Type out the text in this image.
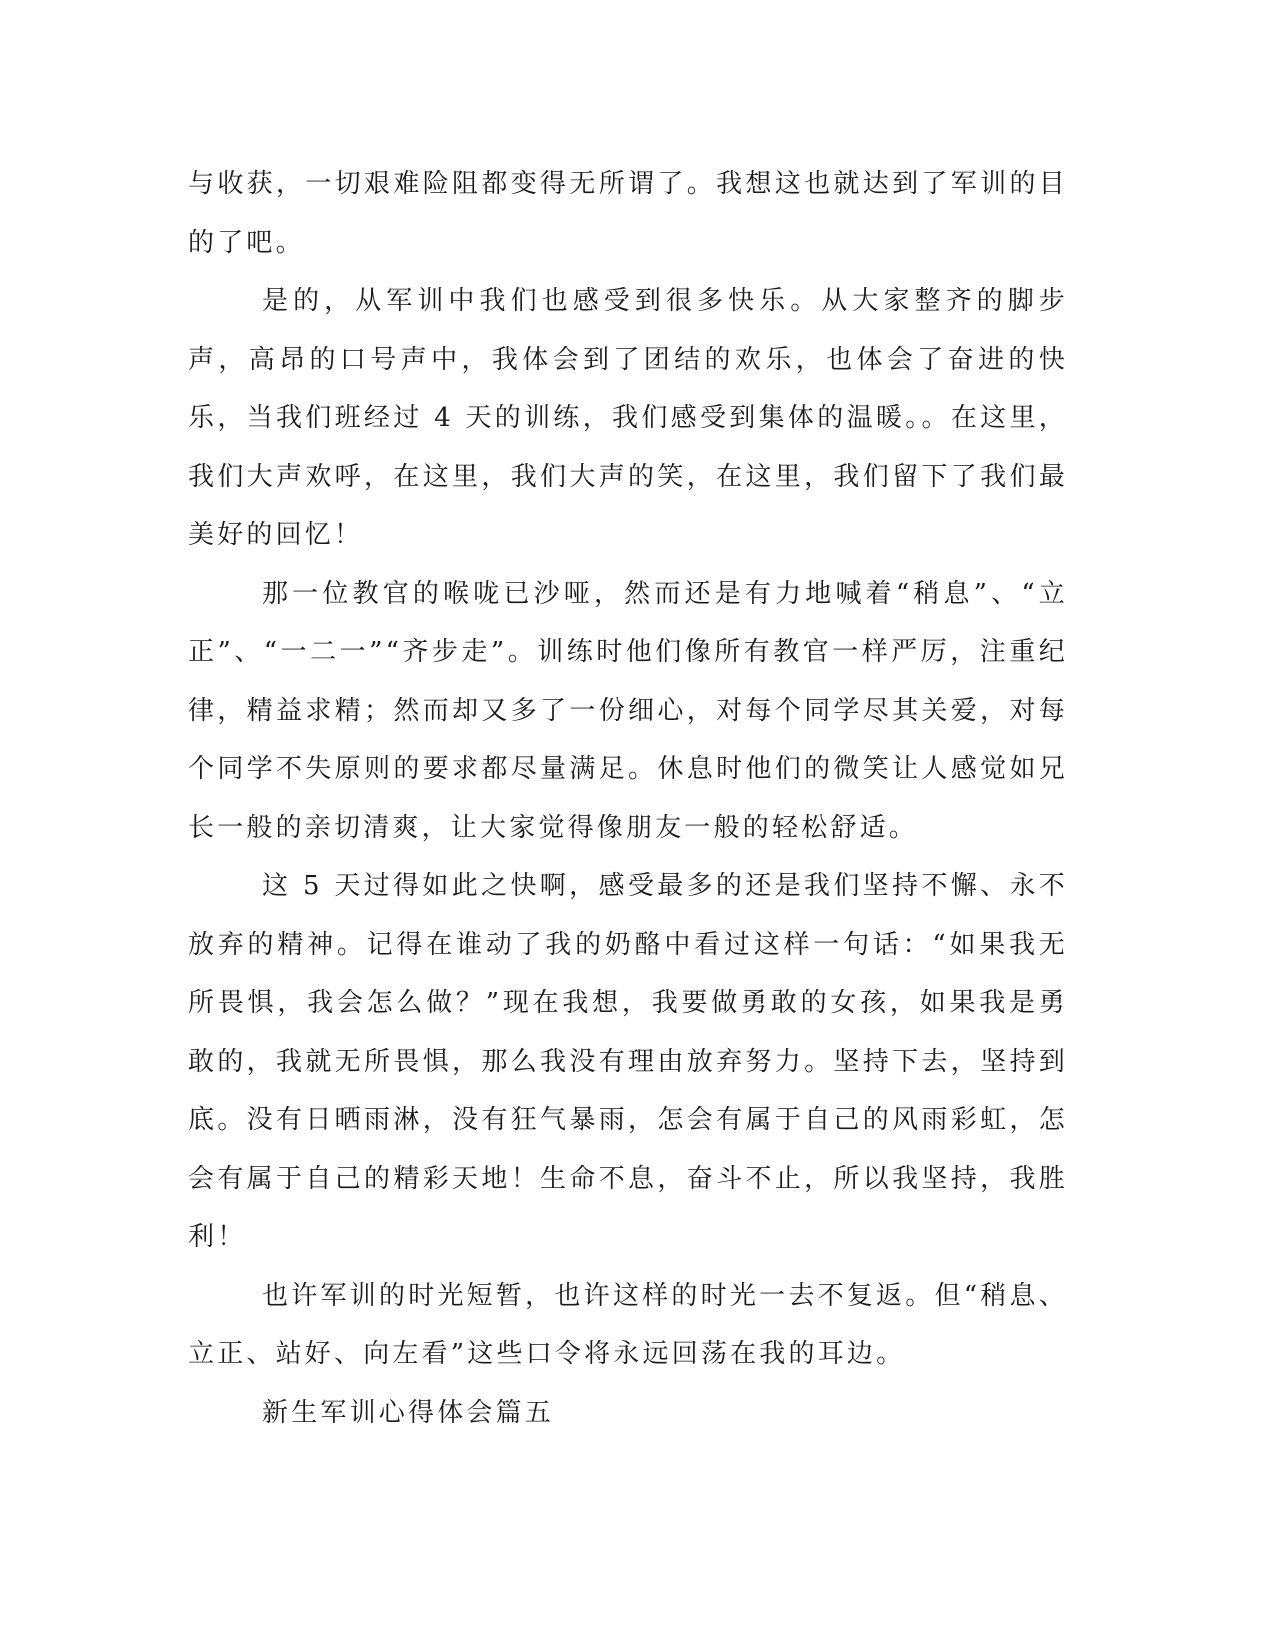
与收获，一切艰难险阻都变得无所谓了。我想这也就达到了军训的目的了吧。

是的，从军训中我们也感受到很多快乐。从大家整齐的脚步声，高昂的口号声中，我体会到了团结的欢乐，也体会了奋进的快乐，当我们班经过 4 天的训练，我们感受到集体的温暖。。在这里，我们大声欢呼，在这里，我们大声的笑，在这里，我们留下了我们最美好的回忆！

那一位教官的喉咙已沙哑，然而还是有力地喊着“稍息”、“立正”、“一二一”“齐步走”。训练时他们像所有教官一样严厉，注重纪律，精益求精；然而却又多了一份细心，对每个同学尽其关爱，对每个同学不失原则的要求都尽量满足。休息时他们的微笑让人感觉如兄长一般的亲切清爽，让大家觉得像朋友一般的轻松舒适。

这 5 天过得如此之快啊，感受最多的还是我们坚持不懈、永不放弃的精神。记得在谁动了我的奶酪中看过这样一句话：“如果我无所畏惧，我会怎么做？”现在我想，我要做勇敢的女孩，如果我是勇敢的，我就无所畏惧，那么我没有理由放弃努力。坚持下去，坚持到底。没有日晒雨淋，没有狂气暴雨，怎会有属于自己的风雨彩虹，怎会有属于自己的精彩天地！生命不息，奋斗不止，所以我坚持，我胜利！

也许军训的时光短暂，也许这样的时光一去不复返。但“稍息、立正、站好、向左看”这些口令将永远回荡在我的耳边。

新生军训心得体会篇五
